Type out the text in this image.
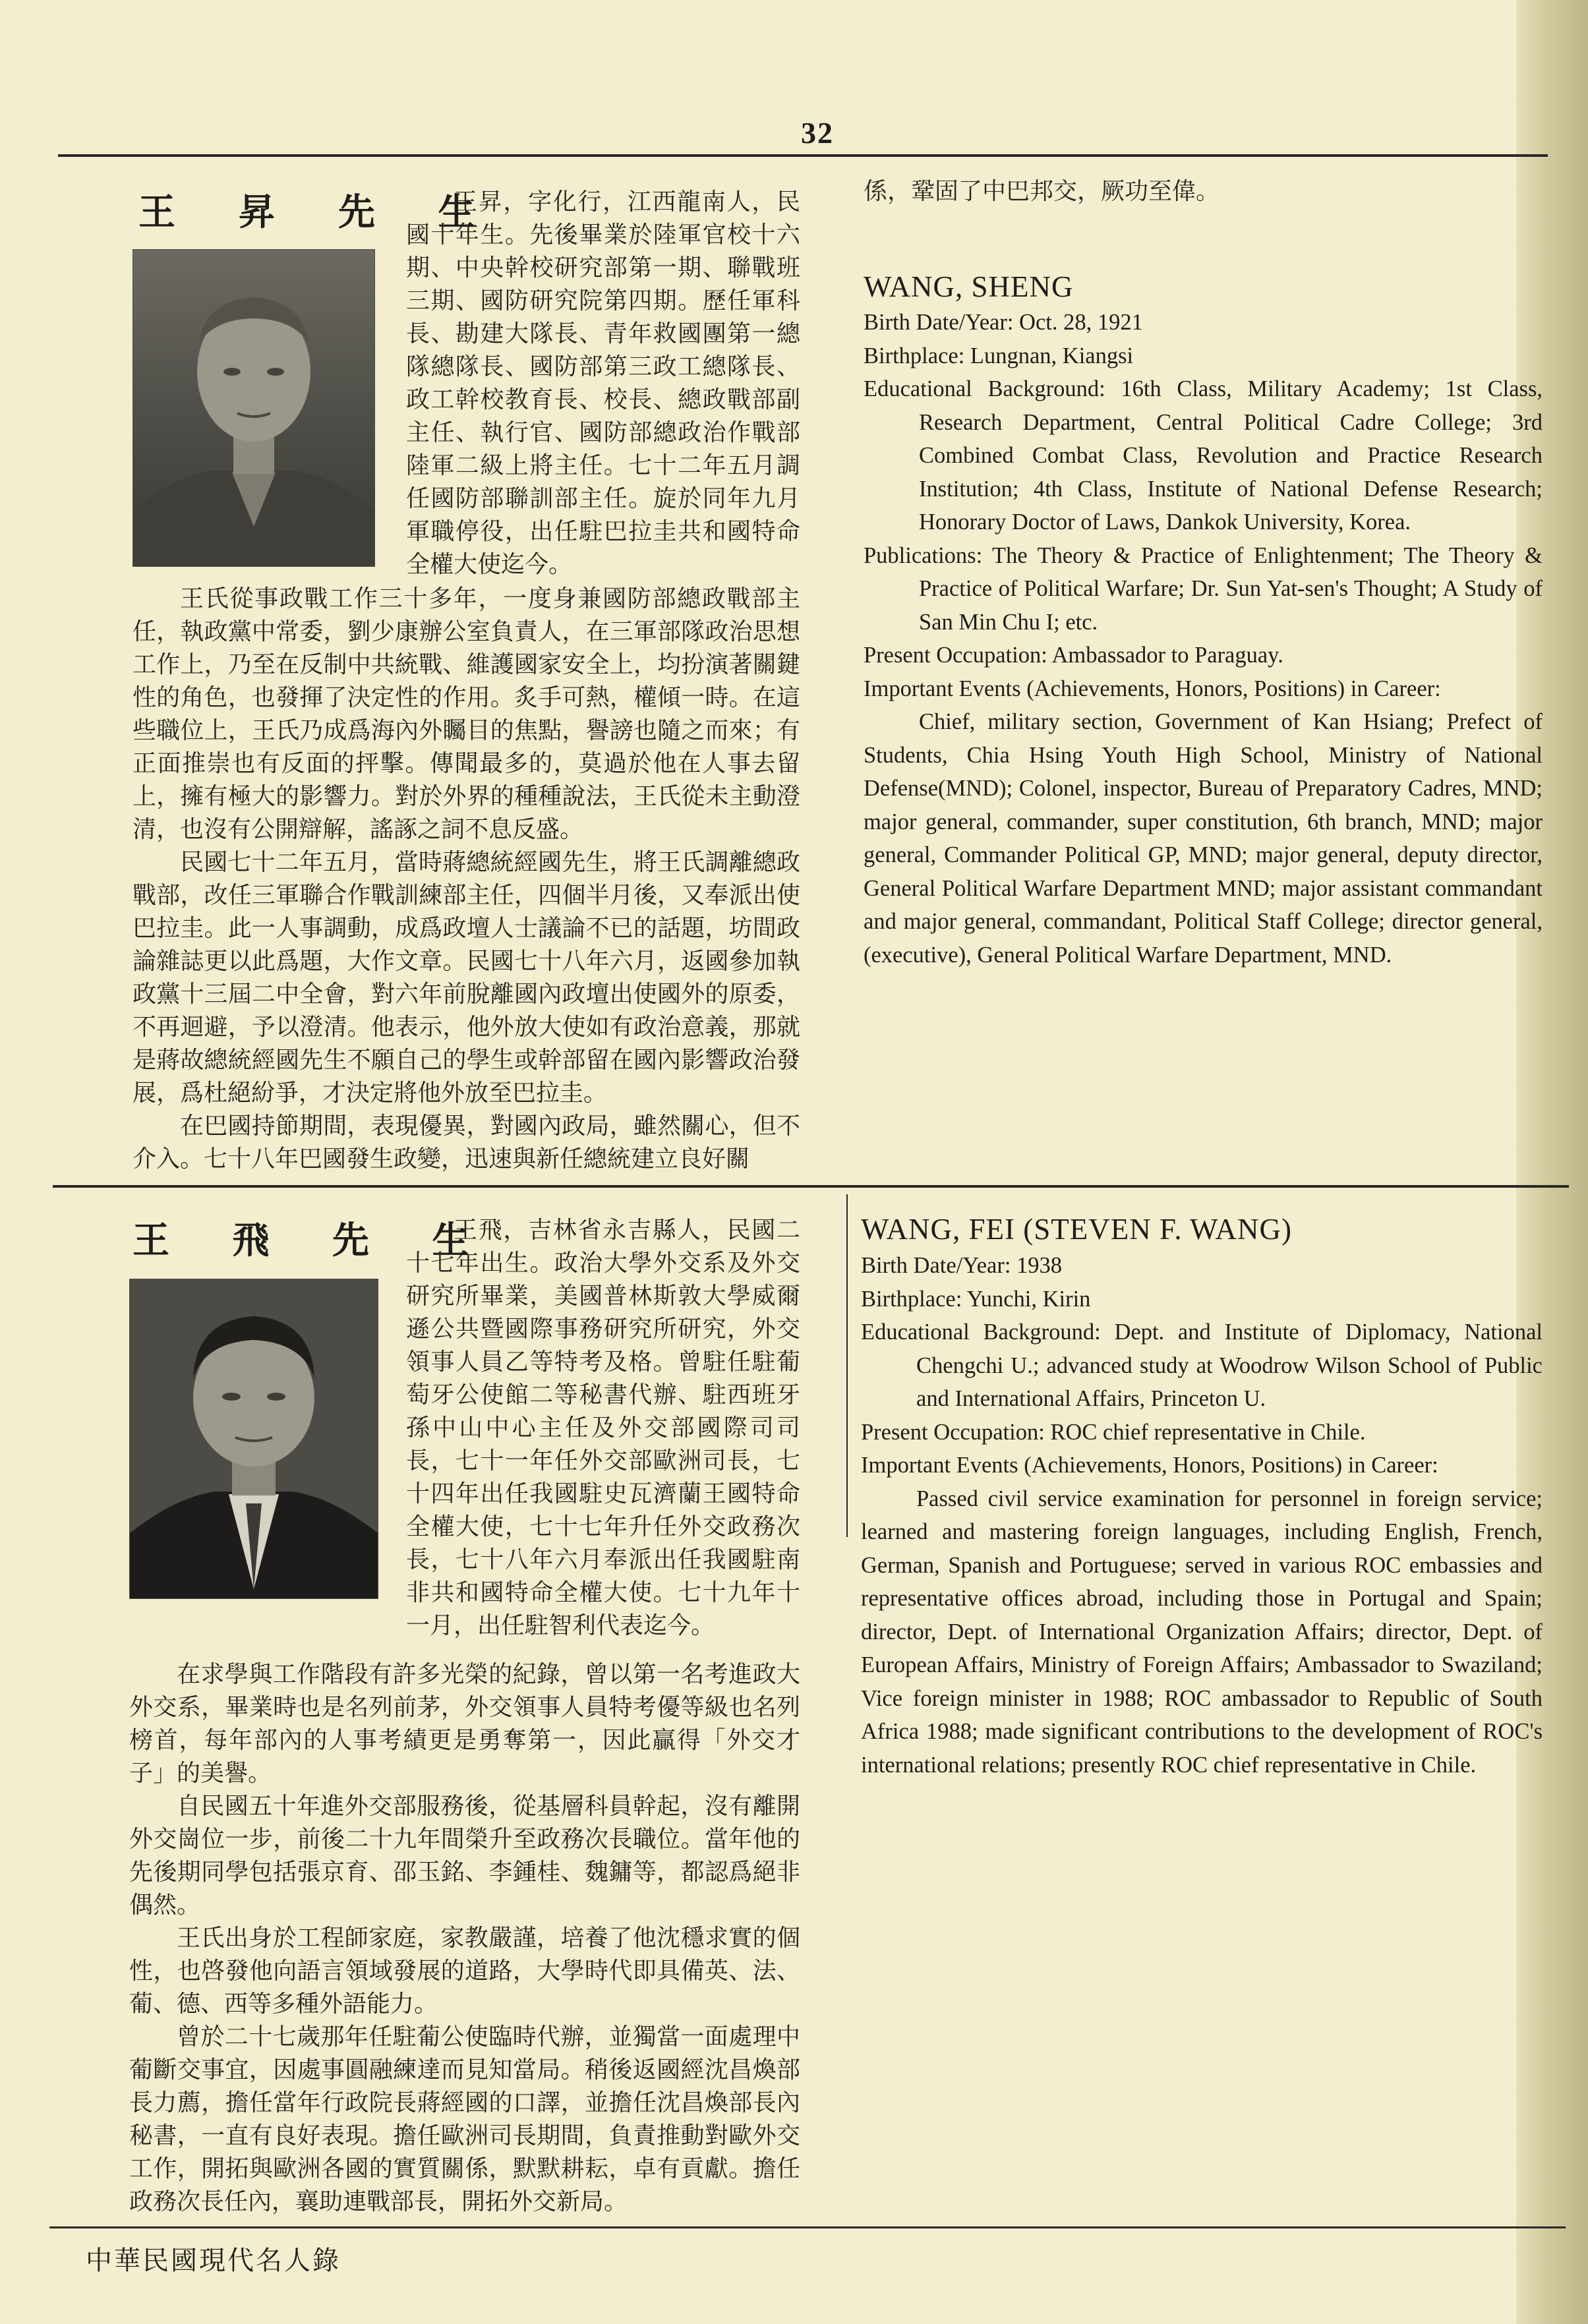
32
王 昇 先 生

王昇，字化行，江西龍南人，民國十年生。先後畢業於陸軍官校十六期、中央幹校研究部第一期、聯戰班三期、國防研究院第四期。歷任軍科長、勘建大隊長、青年救國團第一總隊總隊長、國防部第三政工總隊長、政工幹校教育長、校長、總政戰部副主任、執行官、國防部總政治作戰部陸軍二級上將主任。七十二年五月調任國防部聯訓部主任。旋於同年九月軍職停役，出任駐巴拉圭共和國特命全權大使迄今。

王氏從事政戰工作三十多年，一度身兼國防部總政戰部主任，執政黨中常委，劉少康辦公室負責人，在三軍部隊政治思想工作上，乃至在反制中共統戰、維護國家安全上，均扮演著關鍵性的角色，也發揮了決定性的作用。炙手可熱，權傾一時。在這些職位上，王氏乃成爲海內外矚目的焦點，譽謗也隨之而來；有正面推崇也有反面的抨擊。傳聞最多的，莫過於他在人事去留上，擁有極大的影響力。對於外界的種種說法，王氏從未主動澄清，也沒有公開辯解，謠諑之詞不息反盛。

民國七十二年五月，當時蔣總統經國先生，將王氏調離總政戰部，改任三軍聯合作戰訓練部主任，四個半月後，又奉派出使巴拉圭。此一人事調動，成爲政壇人士議論不已的話題，坊間政論雜誌更以此爲題，大作文章。民國七十八年六月，返國參加執政黨十三屆二中全會，對六年前脫離國內政壇出使國外的原委，不再迴避，予以澄清。他表示，他外放大使如有政治意義，那就是蔣故總統經國先生不願自己的學生或幹部留在國內影響政治發展，爲杜絕紛爭，才決定將他外放至巴拉圭。

在巴國持節期間，表現優異，對國內政局，雖然關心，但不介入。七十八年巴國發生政變，迅速與新任總統建立良好關

係，鞏固了中巴邦交，厥功至偉。
WANG, SHENG

Birth Date/Year: Oct. 28, 1921

Birthplace: Lungnan, Kiangsi

Educational Background: 16th Class, Military Academy; 1st Class, Research Department, Central Political Cadre College; 3rd Combined Combat Class, Revolution and Practice Research Institution; 4th Class, Institute of National Defense Research; Honorary Doctor of Laws, Dankok University, Korea.

Publications: The Theory & Practice of Enlightenment; The Theory & Practice of Political Warfare; Dr. Sun Yat-sen's Thought; A Study of San Min Chu I; etc.

Present Occupation: Ambassador to Paraguay.

Important Events (Achievements, Honors, Positions) in Career:

Chief, military section, Government of Kan Hsiang; Prefect of Students, Chia Hsing Youth High School, Ministry of National Defense(MND); Colonel, inspector, Bureau of Preparatory Cadres, MND; major general, commander, super constitution, 6th branch, MND; major general, Commander Political GP, MND; major general, deputy director, General Political Warfare Department MND; major assistant commandant and major general, commandant, Political Staff College; director general, (executive), General Political Warfare Department, MND.

王 飛 先 生

王飛，吉林省永吉縣人，民國二十七年出生。政治大學外交系及外交研究所畢業，美國普林斯敦大學威爾遜公共暨國際事務研究所研究，外交領事人員乙等特考及格。曾駐任駐葡萄牙公使館二等秘書代辦、駐西班牙孫中山中心主任及外交部國際司司長，七十一年任外交部歐洲司長，七十四年出任我國駐史瓦濟蘭王國特命全權大使，七十七年升任外交政務次長，七十八年六月奉派出任我國駐南非共和國特命全權大使。七十九年十一月，出任駐智利代表迄今。

在求學與工作階段有許多光榮的紀錄，曾以第一名考進政大外交系，畢業時也是名列前茅，外交領事人員特考優等級也名列榜首，每年部內的人事考績更是勇奪第一，因此贏得「外交才子」的美譽。

自民國五十年進外交部服務後，從基層科員幹起，沒有離開外交崗位一步，前後二十九年間榮升至政務次長職位。當年他的先後期同學包括張京育、邵玉銘、李鍾桂、魏鏞等，都認爲絕非偶然。

王氏出身於工程師家庭，家教嚴謹，培養了他沈穩求實的個性，也啓發他向語言領域發展的道路，大學時代即具備英、法、葡、德、西等多種外語能力。

曾於二十七歲那年任駐葡公使臨時代辦，並獨當一面處理中葡斷交事宜，因處事圓融練達而見知當局。稍後返國經沈昌煥部長力薦，擔任當年行政院長蔣經國的口譯，並擔任沈昌煥部長內秘書，一直有良好表現。擔任歐洲司長期間，負責推動對歐外交工作，開拓與歐洲各國的實質關係，默默耕耘，卓有貢獻。擔任政務次長任內，襄助連戰部長，開拓外交新局。

WANG, FEI (STEVEN F. WANG)

Birth Date/Year: 1938

Birthplace: Yunchi, Kirin

Educational Background: Dept. and Institute of Diplomacy, National Chengchi U.; advanced study at Woodrow Wilson School of Public and International Affairs, Princeton U.

Present Occupation: ROC chief representative in Chile.

Important Events (Achievements, Honors, Positions) in Career:

Passed civil service examination for personnel in foreign service; learned and mastering foreign languages, including English, French, German, Spanish and Portuguese; served in various ROC embassies and representative offices abroad, including those in Portugal and Spain; director, Dept. of International Organization Affairs; director, Dept. of European Affairs, Ministry of Foreign Affairs; Ambassador to Swaziland; Vice foreign minister in 1988; ROC ambassador to Republic of South Africa 1988; made significant contributions to the development of ROC's international relations; presently ROC chief representative in Chile.

中華民國現代名人錄
